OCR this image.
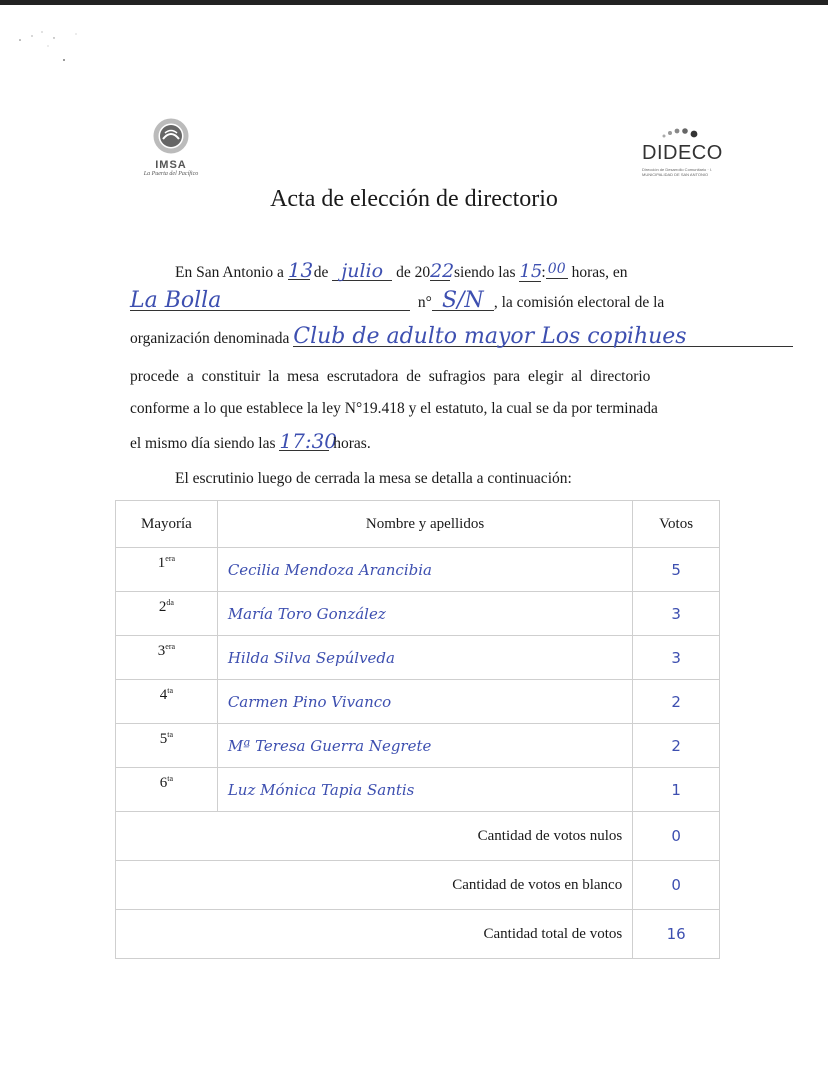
IMSA
La Puerta del Pacífico
DIDECO
Dirección de Desarrollo Comunitario · I. MUNICIPALIDAD DE SAN ANTONIO
Acta de elección de directorio
En San Antonio a 13 de julio de 2022 siendo las 15: 00 horas, en
La Bolla	n° S/N , la comisión electoral de la
organización denominada Club de adulto mayor Los copihues
procede a constituir la mesa escrutadora de sufragios para elegir al directorio
conforme a lo que establece la ley N°19.418 y el estatuto, la cual se da por terminada
el mismo día siendo las 17:30 horas.
El escrutinio luego de cerrada la mesa se detalla a continuación:
Mayoría	Nombre y apellidos	Votos
$1^{era}$	Cecilia Mendoza Arancibia	5
$2^{da}$	María Toro González	3
$3^{era}$	Hilda Silva Sepúlveda	3
$4^{ta}$	Carmen Pino Vivanco	2
$5^{ta}$	Mª Teresa Guerra Negrete	2
$6^{ta}$	Luz Mónica Tapia Santis	1
Cantidad de votos nulos		0
Cantidad de votos en blanco		0
Cantidad total de votos		16
